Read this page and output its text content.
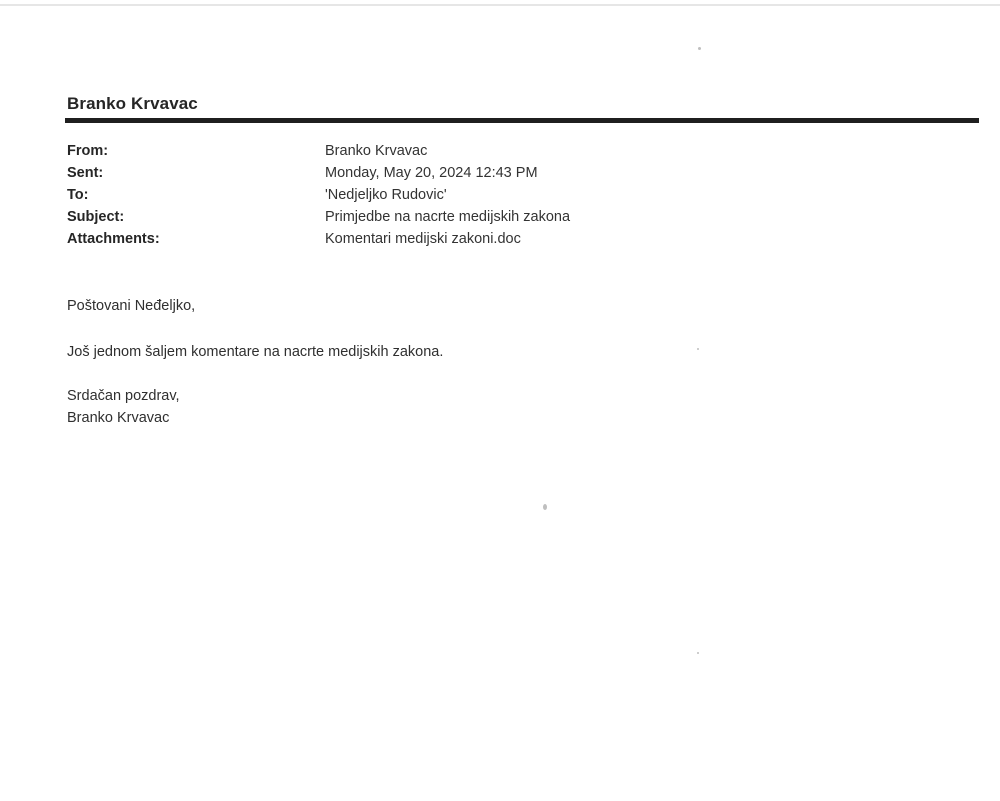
Branko Krvavac
From:	Branko Krvavac
Sent:	Monday, May 20, 2024 12:43 PM
To:	'Nedjeljko Rudovic'
Subject:	Primjedbe na nacrte medijskih zakona
Attachments:	Komentari medijski zakoni.doc
Poštovani Neđeljko,
Još jednom šaljem komentare na nacrte medijskih zakona.
Srdačan pozdrav,
Branko Krvavac
